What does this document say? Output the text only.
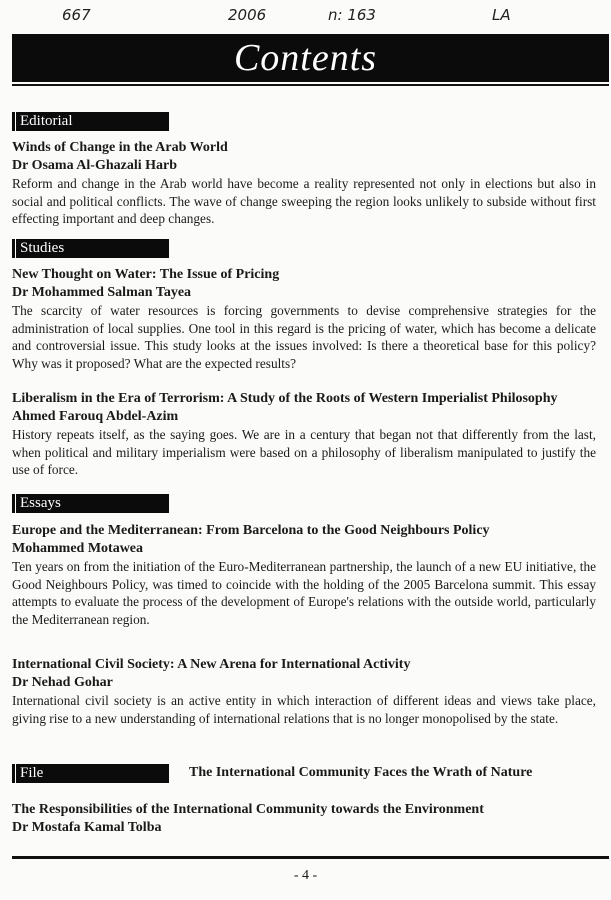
667	2006	n: 163	LA
Contents
Editorial
Winds of Change in the Arab World
Dr Osama Al-Ghazali Harb
Reform and change in the Arab world have become a reality represented not only in elections but also in social and political conflicts. The wave of change sweeping the region looks unlikely to subside without first effecting important and deep changes.
Studies
New Thought on Water: The Issue of Pricing
Dr Mohammed Salman Tayea
The scarcity of water resources is forcing governments to devise comprehensive strategies for the administration of local supplies. One tool in this regard is the pricing of water, which has become a delicate and controversial issue. This study looks at the issues involved: Is there a theoretical base for this policy? Why was it proposed? What are the expected results?
Liberalism in the Era of Terrorism: A Study of the Roots of Western Imperialist Philosophy
Ahmed Farouq Abdel-Azim
History repeats itself, as the saying goes. We are in a century that began not that differently from the last, when political and military imperialism were based on a philosophy of liberalism manipulated to justify the use of force.
Essays
Europe and the Mediterranean: From Barcelona to the Good Neighbours Policy
Mohammed Motawea
Ten years on from the initiation of the Euro-Mediterranean partnership, the launch of a new EU initiative, the Good Neighbours Policy, was timed to coincide with the holding of the 2005 Barcelona summit. This essay attempts to evaluate the process of the development of Europe's relations with the outside world, particularly the Mediterranean region.
International Civil Society: A New Arena for International Activity
Dr Nehad Gohar
International civil society is an active entity in which interaction of different ideas and views take place, giving rise to a new understanding of international relations that is no longer monopolised by the state.
File	The International Community Faces the Wrath of Nature
The Responsibilities of the International Community towards the Environment
Dr Mostafa Kamal Tolba
- 4 -
